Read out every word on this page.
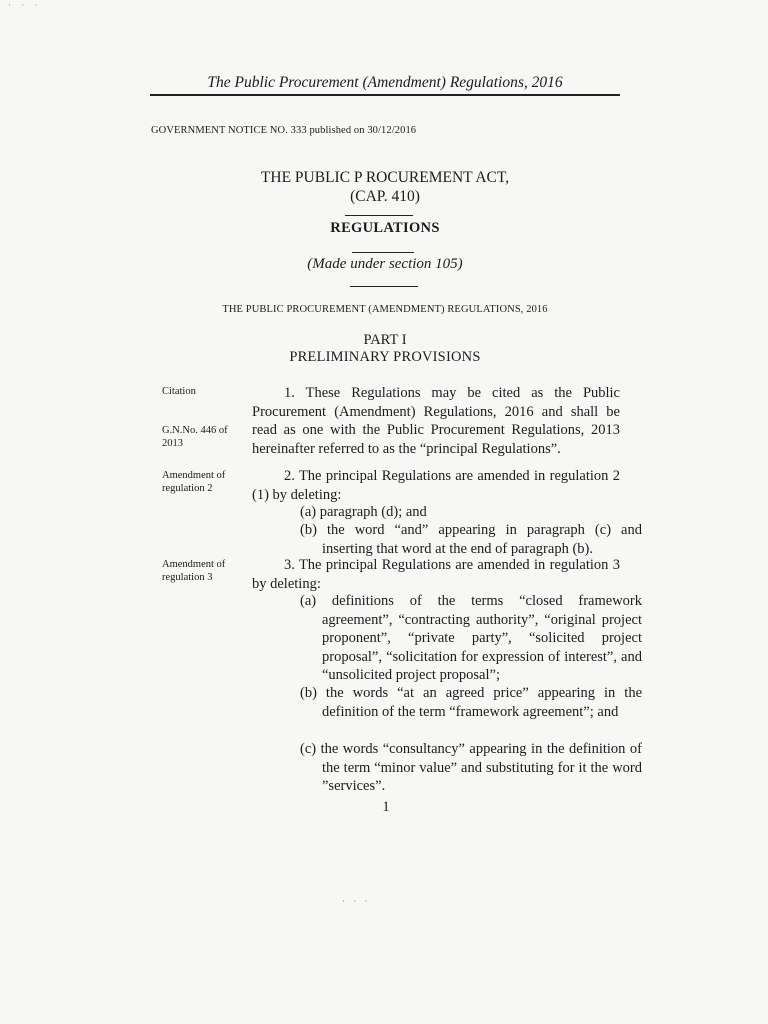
· · ·
The Public Procurement (Amendment) Regulations, 2016
GOVERNMENT NOTICE NO. 333 published on 30/12/2016
THE PUBLIC P ROCUREMENT ACT,
(CAP. 410)
REGULATIONS
(Made under section 105)
THE PUBLIC PROCUREMENT (AMENDMENT) REGULATIONS, 2016
PART I
PRELIMINARY PROVISIONS
Citation
G.N.No. 446 of 2013
Amendment of regulation 2
Amendment of regulation 3
1. These Regulations may be cited as the Public Procurement (Amendment) Regulations, 2016 and shall be read as one with the Public Procurement Regulations, 2013 hereinafter referred to as the “principal Regulations”.
2. The principal Regulations are amended in regulation 2 (1) by deleting:
(a) paragraph (d); and
(b) the word “and” appearing in paragraph (c) and inserting that word at the end of paragraph (b).
3. The principal Regulations are amended in regulation 3 by deleting:
(a) definitions of the terms “closed framework agreement”, “contracting authority”, “original project proponent”, “private party”, “solicited project proposal”, “solicitation for expression of interest”, and “unsolicited project proposal”;
(b) the words “at an agreed price” appearing in the definition of the term “framework agreement”; and
(c) the words “consultancy” appearing in the definition of the term “minor value” and substituting for it the word ”services”.
1
· · ·
